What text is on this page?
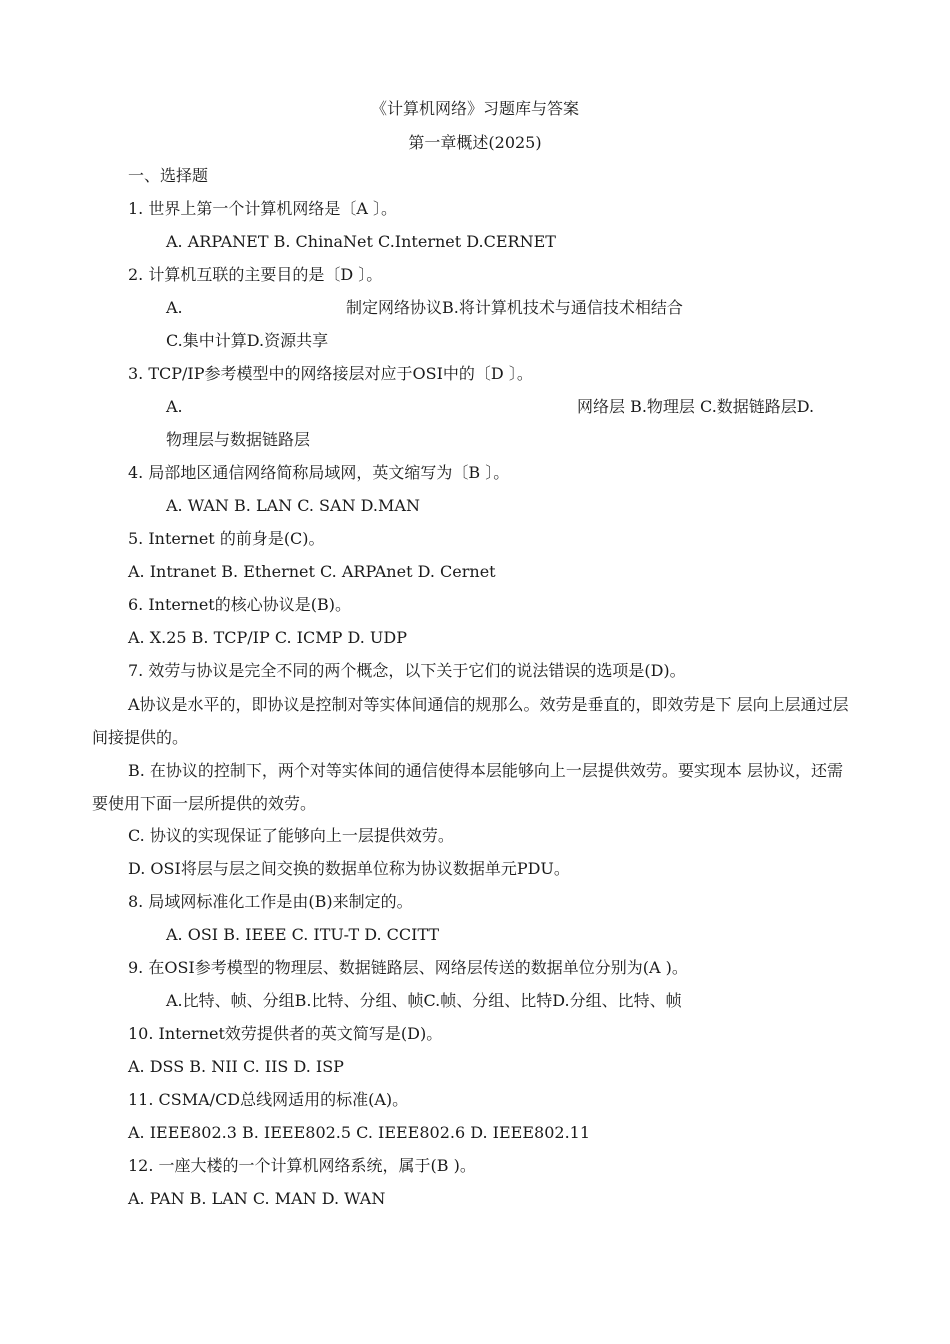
《计算机网络》习题库与答案
第一章概述(2025)
一、选择题
1. 世界上第一个计算机网络是〔A 〕。
A. ARPANET B. ChinaNet C.Internet D.CERNET
2. 计算机互联的主要目的是〔D 〕。
A.	制定网络协议B.将计算机技术与通信技术相结合
C.集中计算D.资源共享
3. TCP/IP参考模型中的网络接层对应于OSI中的〔D 〕。
A.	网络层 B.物理层 C.数据链路层D.
物理层与数据链路层
4. 局部地区通信网络简称局域网，英文缩写为〔B 〕。
A. WAN B. LAN C. SAN D.MAN
5. Internet 的前身是(C)。
A. Intranet B. Ethernet C. ARPAnet D. Cernet
6. Internet的核心协议是(B)。
A. X.25 B. TCP/IP C. ICMP D. UDP
7. 效劳与协议是完全不同的两个概念，以下关于它们的说法错误的选项是(D)。
A协议是水平的，即协议是控制对等实体间通信的规那么。效劳是垂直的，即效劳是下 层向上层通过层间接提供的。
B. 在协议的控制下，两个对等实体间的通信使得本层能够向上一层提供效劳。要实现本 层协议，还需要使用下面一层所提供的效劳。
C. 协议的实现保证了能够向上一层提供效劳。
D. OSI将层与层之间交换的数据单位称为协议数据单元PDU。
8. 局域网标准化工作是由(B)来制定的。
A. OSI B. IEEE C. ITU-T D. CCITT
9. 在OSI参考模型的物理层、数据链路层、网络层传送的数据单位分别为(A )。
A.比特、帧、分组B.比特、分组、帧C.帧、分组、比特D.分组、比特、帧
10. Internet效劳提供者的英文简写是(D)。
A. DSS B. NII C. IIS D. ISP
11. CSMA/CD总线网适用的标准(A)。
A. IEEE802.3 B. IEEE802.5 C. IEEE802.6 D. IEEE802.11
12. 一座大楼的一个计算机网络系统，属于(B )。
A. PAN B. LAN C. MAN D. WAN
